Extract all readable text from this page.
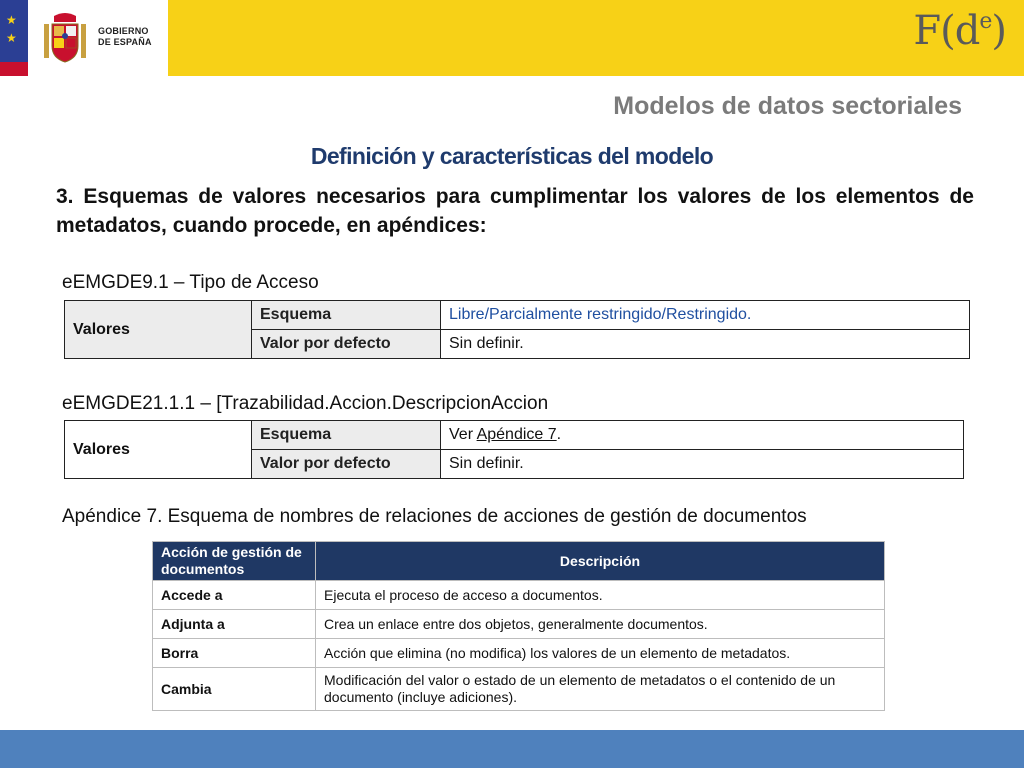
★
★	GOBIERNO
DE ESPAÑA	$F(d^e)$
Modelos de datos sectoriales
Definición y características del modelo
3. Esquemas de valores necesarios para cumplimentar los valores de los elementos de metadatos, cuando procede, en apéndices:
eEMGDE9.1 – Tipo de Acceso
Valores	Esquema	Libre/Parcialmente restringido/Restringido.
	Valor por defecto	Sin definir.
eEMGDE21.1.1 – [Trazabilidad.Accion.DescripcionAccion
Valores	Esquema	Ver Apéndice 7.
	Valor por defecto	Sin definir.
Apéndice 7. Esquema de nombres de relaciones de acciones de gestión de documentos
Acción de gestión de documentos	Descripción
Accede a	Ejecuta el proceso de acceso a documentos.
Adjunta a	Crea un enlace entre dos objetos, generalmente documentos.
Borra	Acción que elimina (no modifica) los valores de un elemento de metadatos.
Cambia	Modificación del valor o estado de un elemento de metadatos o el contenido de un documento (incluye adiciones).
